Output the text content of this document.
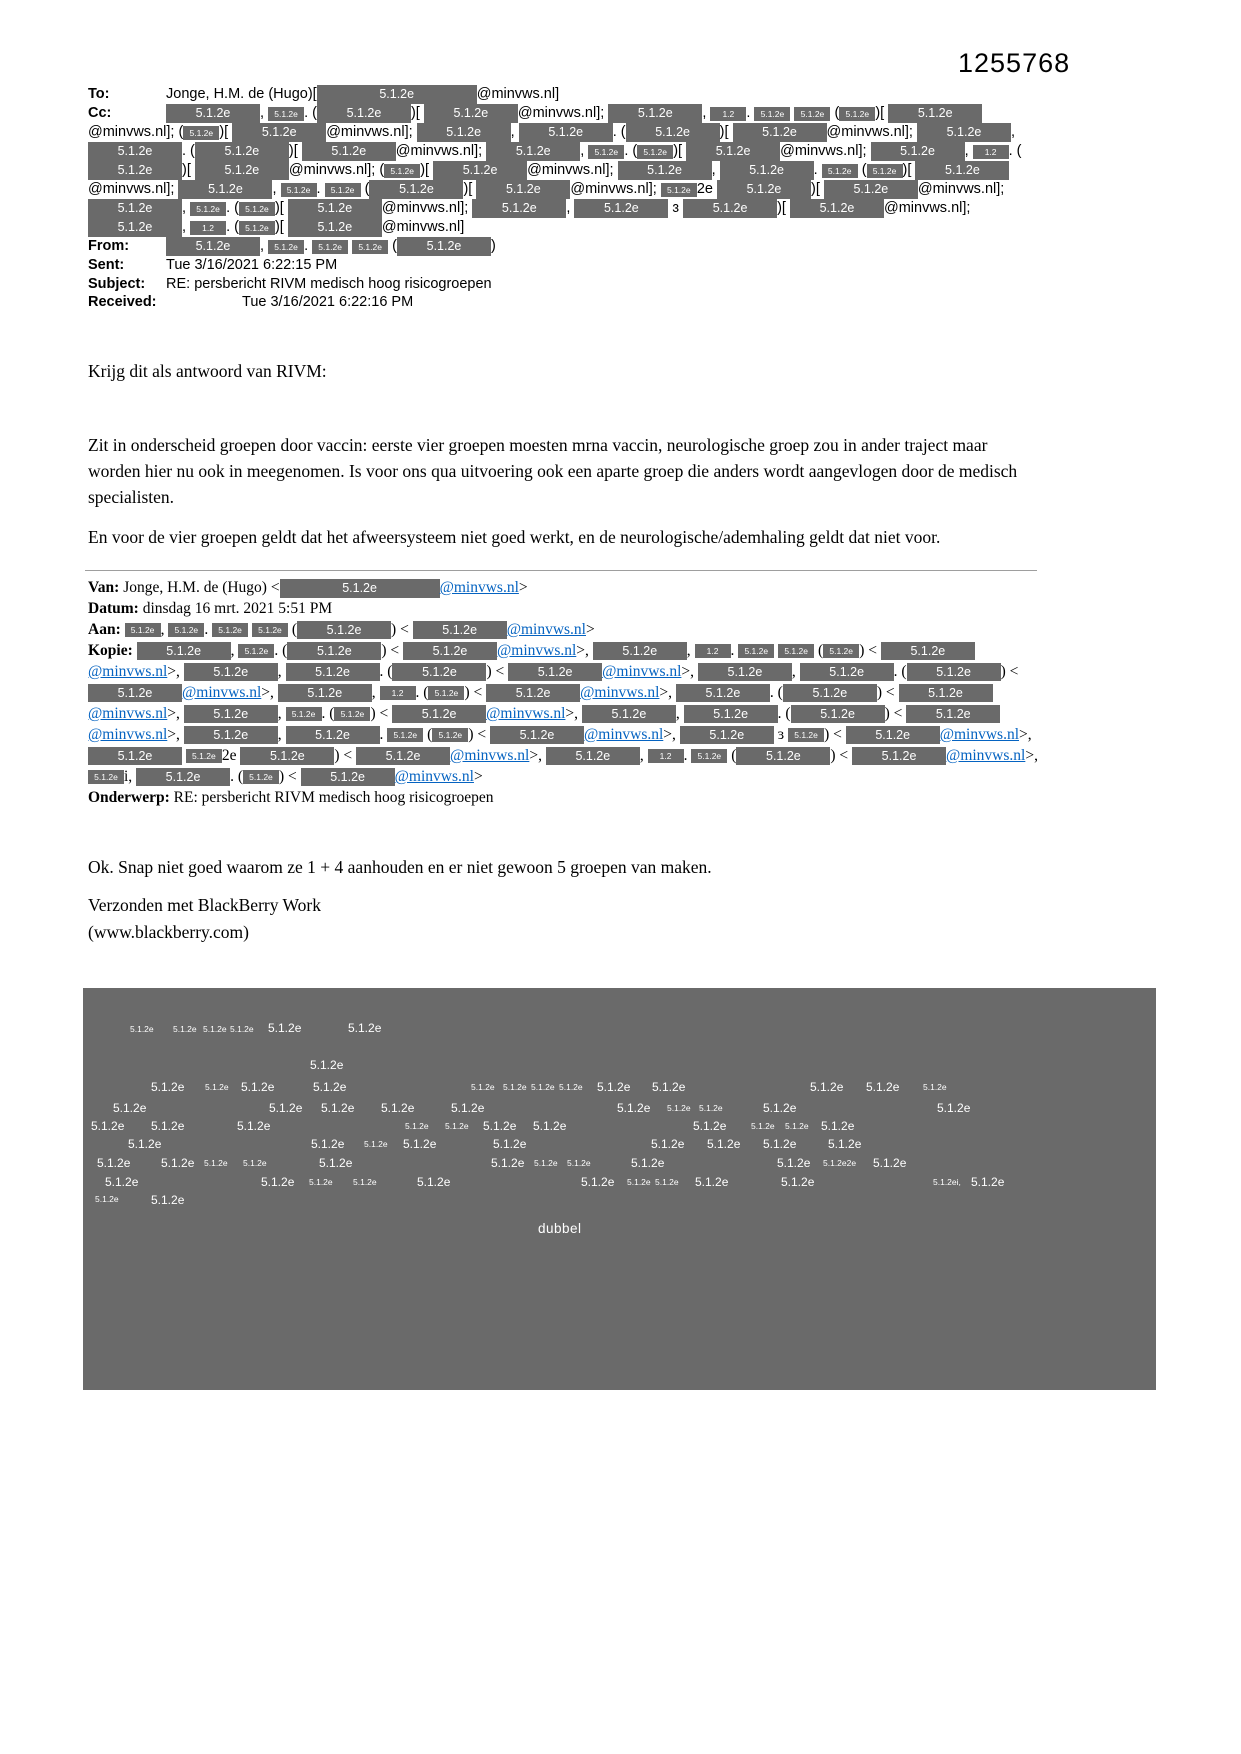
1255768

To:	Jonge, H.M. de (Hugo)[	5.1.2e	@minvws.nl]

Cc:	5.1.2e , 5.1.2e . ( 5.1.2e )[ 5.1.2e @minvws.nl]; 5.1.2e , 1.2 . 5.1.2e 5.1.2e ( 5.1.2e )[ 5.1.2e@minvws.nl]; ( 5.1.2e )[ 5.1.2e @minvws.nl]; 5.1.2e , 5.1.2e . ( 5.1.2e )[ 5.1.2e @minvws.nl]; 5.1.2e , 5.1.2e . ( 5.1.2e )[ 5.1.2e @minvws.nl]; 5.1.2e , 5.1.2e . ( 5.1.2e )[ 5.1.2e @minvws.nl]; 5.1.2e , 1.2 . (5.1.2e )[ 5.1.2e @minvws.nl]; ( 5.1.2e )[ 5.1.2e @minvws.nl]; 5.1.2e , 5.1.2e . 5.1.2e ( 5.1.2e )[ 5.1.2e@minvws.nl]; 5.1.2e , 5.1.2e . 5.1.2e ( 5.1.2e )[ 5.1.2e @minvws.nl]; 5.1.2e 2e 5.1.2e )[ 5.1.2e @minvws.nl]; 5.1.2e , 5.1.2e . ( 5.1.2e )[ 5.1.2e @minvws.nl]; 5.1.2e , 5.1.2e ɜ 5.1.2e )[ 5.1.2e @minvws.nl]; 5.1.2e , 1.2 . ( 5.1.2e )[ 5.1.2e @minvws.nl]

From:	5.1.2e , 5.1.2e . 5.1.2e 5.1.2e ( 5.1.2e )

Sent:	Tue 3/16/2021 6:22:15 PM

Subject: RE: persbericht RIVM medisch hoog risicogroepen

Received:	Tue 3/16/2021 6:22:16 PM

Krijg dit als antwoord van RIVM:

Zit in onderscheid groepen door vaccin: eerste vier groepen moesten mrna vaccin, neurologische groep zou in ander traject maar worden hier nu ook in meegenomen. Is voor ons qua uitvoering ook een aparte groep die anders wordt aangevlogen door de medisch specialisten.

En voor de vier groepen geldt dat het afweersysteem niet goed werkt, en de neurologische/ademhaling geldt dat niet voor.

Van: Jonge, H.M. de (Hugo) <	5.1.2e	@minvws.nl>

Datum: dinsdag 16 mrt. 2021 5:51 PM

Aan: 5.1.2e , 5.1.2e . 5.1.2e 5.1.2e ( 5.1.2e ) < 5.1.2e @minvws.nl>

Kopie:	5.1.2e , 5.1.2e . ( 5.1.2e ) < 5.1.2e @minvws.nl>, 5.1.2e , 1.2 . 5.1.2e 5.1.2e ( 5.1.2e ) < 5.1.2e@minvws.nl>, 5.1.2e , 5.1.2e . ( 5.1.2e ) < 5.1.2e @minvws.nl>, 5.1.2e , 5.1.2e . ( 5.1.2e ) < 5.1.2e @minvws.nl>, 5.1.2e , 1.2 . ( 5.1.2e ) < 5.1.2e @minvws.nl>, 5.1.2e . ( 5.1.2e ) < 5.1.2e@minvws.nl>, 5.1.2e , 5.1.2e . ( 5.1.2e ) < 5.1.2e @minvws.nl>, 5.1.2e , 5.1.2e . ( 5.1.2e ) < 5.1.2e@minvws.nl>, 5.1.2e , 5.1.2e . 5.1.2e ( 5.1.2e ) < 5.1.2e @minvws.nl>, 5.1.2e ɜ 5.1.2e ) < 5.1.2e @minvws.nl>, 5.1.2e	5.1.2e 2e 5.1.2e ) < 5.1.2e @minvws.nl>, 5.1.2e , 1.2 . 5.1.2e ( 5.1.2e ) < 5.1.2e @minvws.nl>, 5.1.2e i, 5.1.2e . ( 5.1.2e ) < 5.1.2e @minvws.nl>

Onderwerp: RE: persbericht RIVM medisch hoog risicogroepen

Ok. Snap niet goed waarom ze 1 + 4 aanhouden en er niet gewoon 5 groepen van maken.

Verzonden met BlackBerry Work
(www.blackberry.com)
5.1.2e 5.1.2e 5.1.2e 5.1.2e 5.1.2e	5.1.2e
5.1.2e
5.1.2e 5.1.2e 5.1.2e	5.1.2e	5.1.2e 5.1.2e 5.1.2e 5.1.2e 5.1.2e 5.1.2e	5.1.2e 5.1.2e	5.1.2e
5.1.2e	5.1.2e 5.1.2e 5.1.2e	5.1.2e	5.1.2e 5.1.2e 5.1.2e	5.1.2e	5.1.2e
5.1.2e 5.1.2e	5.1.2e	5.1.2e 5.1.2e 5.1.2e 5.1.2e	5.1.2e	5.1.2e 5.1.2e 5.1.2e
5.1.2e	5.1.2e 5.1.2e 5.1.2e	5.1.2e	5.1.2e 5.1.2e 5.1.2e	5.1.2e
5.1.2e	5.1.2e 5.1.2e 5.1.2e	5.1.2e	5.1.2e 5.1.2e 5.1.2e	5.1.2e	5.1.2e 5.1.2e2e 5.1.2e
5.1.2e	5.1.2e 5.1.2e 5.1.2e	5.1.2e	5.1.2e 5.1.2e 5.1.2e 5.1.2e	5.1.2e	5.1.2ei, 5.1.2e
5.1.2e	5.1.2e
dubbel
